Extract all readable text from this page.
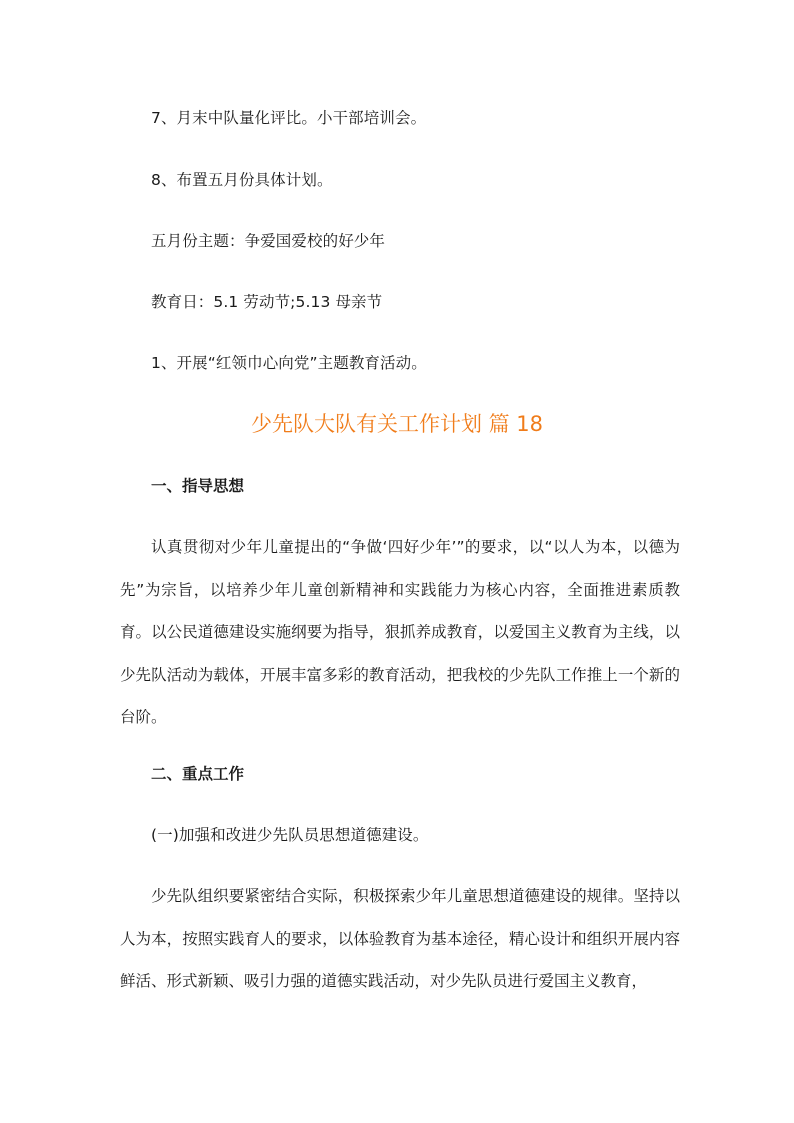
7、月末中队量化评比。小干部培训会。
8、布置五月份具体计划。
五月份主题：争爱国爱校的好少年
教育日：5.1 劳动节;5.13 母亲节
1、开展“红领巾心向党”主题教育活动。
少先队大队有关工作计划 篇 18
一、指导思想
认真贯彻对少年儿童提出的“争做‘四好少年’”的要求，以“以人为本，以德为先”为宗旨，以培养少年儿童创新精神和实践能力为核心内容，全面推进素质教育。以公民道德建设实施纲要为指导，狠抓养成教育，以爱国主义教育为主线，以少先队活动为载体，开展丰富多彩的教育活动，把我校的少先队工作推上一个新的台阶。
二、重点工作
(一)加强和改进少先队员思想道德建设。
少先队组织要紧密结合实际，积极探索少年儿童思想道德建设的规律。坚持以人为本，按照实践育人的要求，以体验教育为基本途径，精心设计和组织开展内容鲜活、形式新颖、吸引力强的道德实践活动，对少先队员进行爱国主义教育，
